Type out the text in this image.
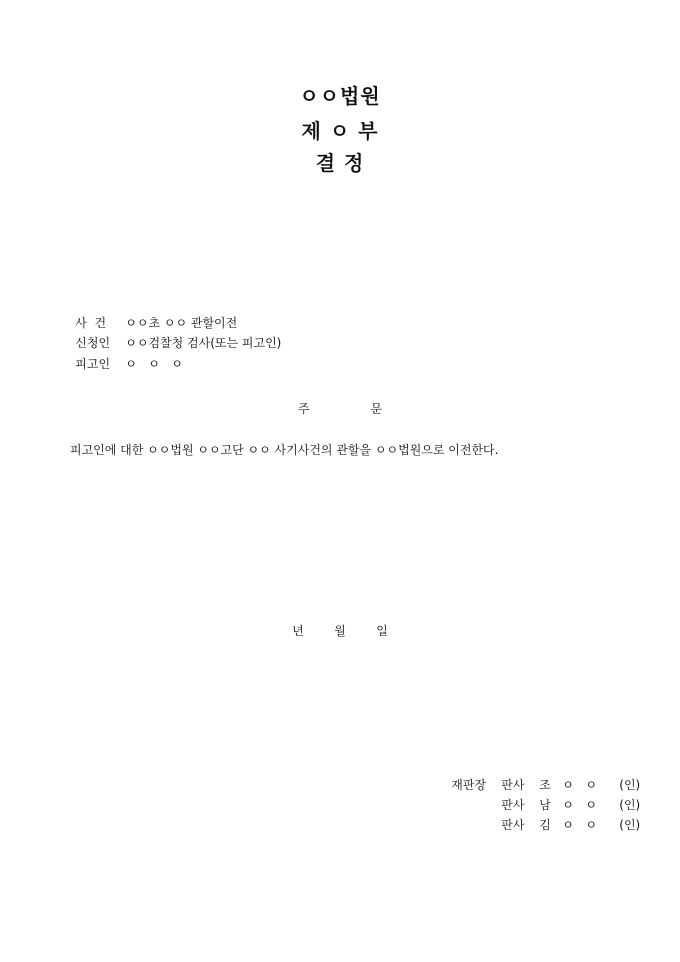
ㅇㅇ법원
제 ㅇ 부
결 정

사  건 ㅇㅇ초 ㅇㅇ 관할이전

신청인 ㅇㅇ검찰청 검사(또는 피고인)

피고인 ㅇ   ㅇ   ㅇ

주                문
피고인에 대한 ㅇㅇ법원 ㅇㅇ고단 ㅇㅇ 사기사건의 관할을 ㅇㅇ법원으로 이전한다.
년        월        일

재판장 판사 조   ㅇ   ㅇ (인)

판사 남   ㅇ   ㅇ (인)

판사 김   ㅇ   ㅇ (인)
